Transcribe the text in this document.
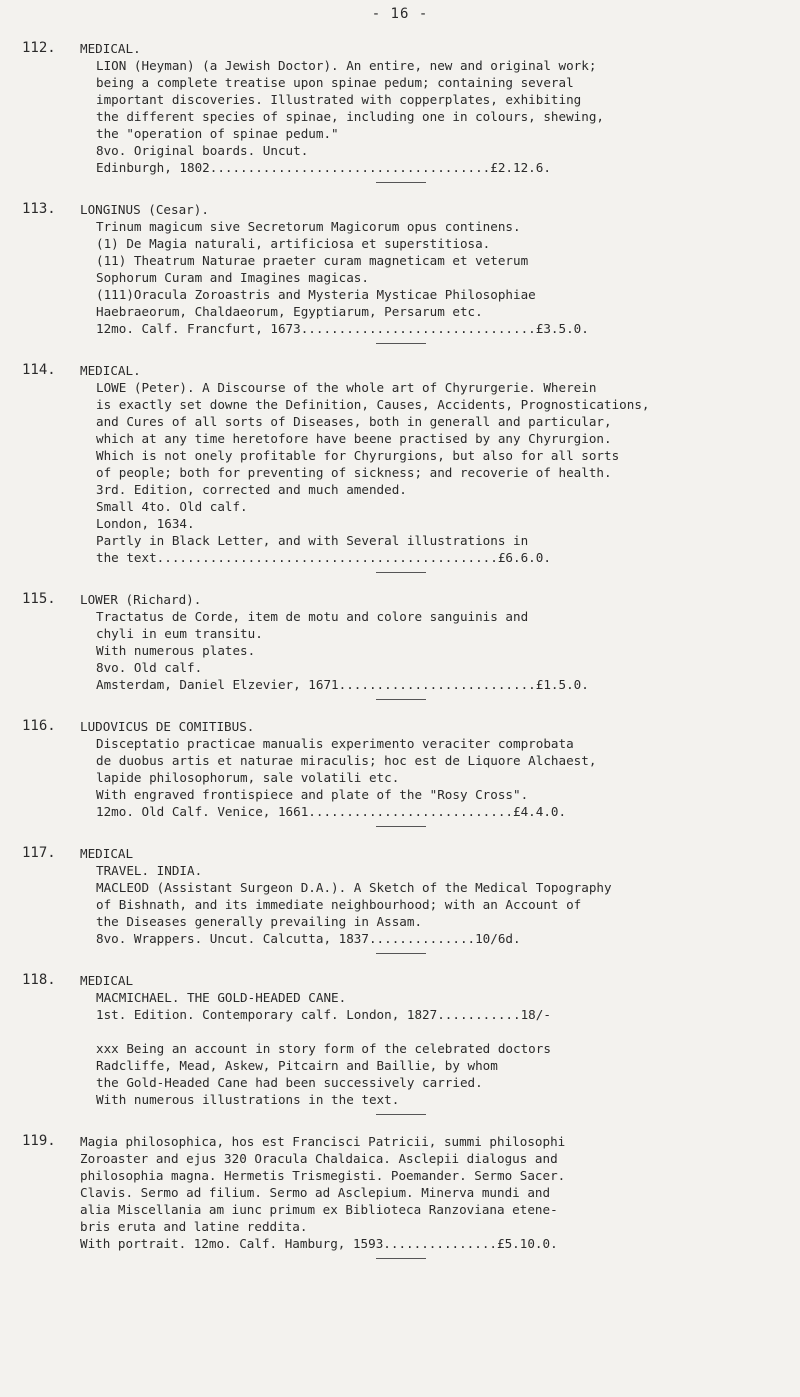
- 16 -
112. MEDICAL.
LION (Heyman) (a Jewish Doctor). An entire, new and original work;
being a complete treatise upon spinae pedum; containing several
important discoveries. Illustrated with copperplates, exhibiting
the different species of spinae, including one in colours, shewing,
the "operation of spinae pedum."
8vo. Original boards. Uncut.
Edinburgh, 1802.....................................£2.12.6.
113. LONGINUS (Cesar).
Trinum magicum sive Secretorum Magicorum opus continens.
(1) De Magia naturali, artificiosa et superstitiosa.
(11) Theatrum Naturae praeter curam magneticam et veterum
Sophorum Curam and Imagines magicas.
(111)Oracula Zoroastris and Mysteria Mysticae Philosophiae
Haebraeorum, Chaldaeorum, Egyptiarum, Persarum etc.
12mo. Calf. Francfurt, 1673...............................£3.5.0.
114. MEDICAL.
LOWE (Peter). A Discourse of the whole art of Chyrurgerie. Wherein
is exactly set downe the Definition, Causes, Accidents, Prognostications,
and Cures of all sorts of Diseases, both in generall and particular,
which at any time heretofore have beene practised by any Chyrurgion.
Which is not onely profitable for Chyrurgions, but also for all sorts
of people; both for preventing of sickness; and recoverie of health.
3rd. Edition, corrected and much amended.
Small 4to. Old calf.
London, 1634.
Partly in Black Letter, and with Several illustrations in
the text.............................................£6.6.0.
115. LOWER (Richard).
Tractatus de Corde, item de motu and colore sanguinis and
chyli in eum transitu.
With numerous plates.
8vo. Old calf.
Amsterdam, Daniel Elzevier, 1671..........................£1.5.0.
116. LUDOVICUS DE COMITIBUS.
Disceptatio practicae manualis experimento veraciter comprobata
de duobus artis et naturae miraculis; hoc est de Liquore Alchaest,
lapide philosophorum, sale volatili etc.
With engraved frontispiece and plate of the "Rosy Cross".
12mo. Old Calf. Venice, 1661...........................£4.4.0.
117. MEDICAL
TRAVEL. INDIA.
MACLEOD (Assistant Surgeon D.A.). A Sketch of the Medical Topography
of Bishnath, and its immediate neighbourhood; with an Account of
the Diseases generally prevailing in Assam.
8vo. Wrappers. Uncut. Calcutta, 1837..............10/6d.
118. MEDICAL
MACMICHAEL. THE GOLD-HEADED CANE.
1st. Edition. Contemporary calf. London, 1827...........18/-

xxx Being an account in story form of the celebrated doctors
Radcliffe, Mead, Askew, Pitcairn and Baillie, by whom
the Gold-Headed Cane had been successively carried.
With numerous illustrations in the text.
119. Magia philosophica, hos est Francisci Patricii, summi philosophi
Zoroaster and ejus 320 Oracula Chaldaica. Asclepii dialogus and
philosophia magna. Hermetis Trismegisti. Poemander. Sermo Sacer.
Clavis. Sermo ad filium. Sermo ad Asclepium. Minerva mundi and
alia Miscellania am iunc primum ex Biblioteca Ranzoviana etene-
bris eruta and latine reddita.
With portrait. 12mo. Calf. Hamburg, 1593...............£5.10.0.
